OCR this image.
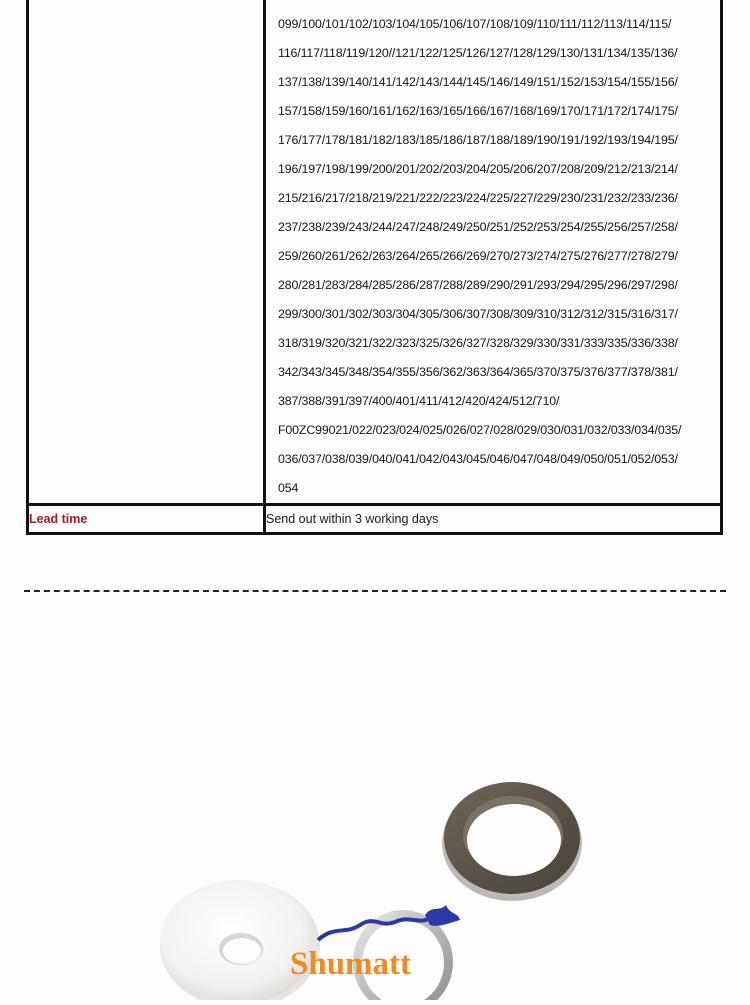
099/100/101/102/103/104/105/106/107/108/109/110/111/112/113/114/115/
116/117/118/119/120//121/122/125/126/127/128/129/130/131/134/135/136/
137/138/139/140/141/142/143/144/145/146/149/151/152/153/154/155/156/
157/158/159/160/161/162/163/165/166/167/168/169/170/171/172/174/175/
176/177/178/181/182/183/185/186/187/188/189/190/191/192/193/194/195/
196/197/198/199/200/201/202/203/204/205/206/207/208/209/212/213/214/
215/216/217/218/219/221/222/223/224/225/227/229/230/231/232/233/236/
237/238/239/243/244/247/248/249/250/251/252/253/254/255/256/257/258/
259/260/261/262/263/264/265/266/269/270/273/274/275/276/277/278/279/
280/281/283/284/285/286/287/288/289/290/291/293/294/295/296/297/298/
299/300/301/302/303/304/305/306/307/308/309/310/312/312/315/316/317/
318/319/320/321/322/323/325/326/327/328/329/330/331/333/335/336/338/
342/343/345/348/354/355/356/362/363/364/365/370/375/376/377/378/381/
387/388/391/397/400/401/411/412/420/424/512/710/
F00ZC99021/022/023/024/025/026/027/028/029/030/031/032/033/034/035/
036/037/038/039/040/041/042/043/045/046/047/048/049/050/051/052/053/
054

Lead time	Send out within 3 working days
Shumatt
